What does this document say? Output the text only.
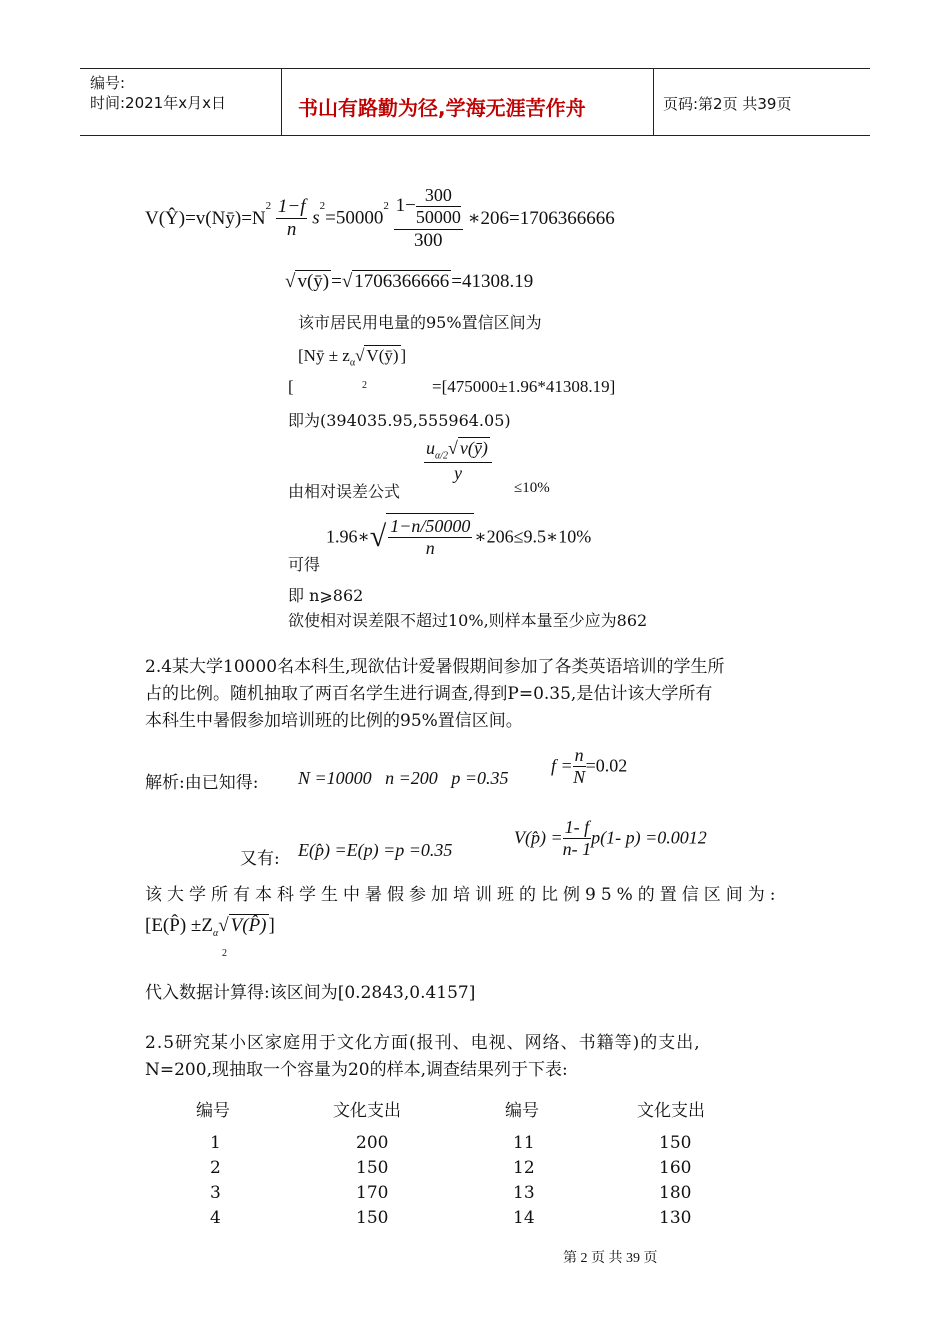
编号:
时间:2021年x月x日	书山有路勤为径,学海无涯苦作舟	页码:第2页 共39页
$V(Ŷ)=v(Nȳ)=N^2 \frac{1-f}{n} s^2=50000^2 \frac{1- \frac{300}{50000}}{300}$ ∗206=1706366666
√ v(ȳ) =√ 1706366666 =41308.19
该市居民用电量的95%置信区间为
[Nȳ ± $z_\alpha√$ V(ȳ) ]
2
[	=[475000±1.96*41308.19]
即为(394035.95,555964.05)
$\frac{u_{\alpha/2}√ v(ȳ)}{y}$
由相对误差公式	≤10%
可得
1.96∗√ $\frac{1-n/50000}{n}$ ∗206≤9.5∗10%
即 n⩾862
欲使相对误差限不超过10%,则样本量至少应为862
2.4某大学10000名本科生,现欲估计爱暑假期间参加了各类英语培训的学生所
占的比例。随机抽取了两百名学生进行调查,得到P=0.35,是估计该大学所有
本科生中暑假参加培训班的比例的95%置信区间。
解析:由已知得: N =10000 n =200 p =0.35
$f = \frac{n}{N} =0.02$
又有: E(p̂) =E(p) =p =0.35
V(p̂) = $\frac{1- f}{n- 1} p(1-$ p) =0.0012
该大学所有本科学生中暑假参加培训班的比例95%的置信区间为:
[E(P̂) $\pm Z_\alpha√$ V(P̂) ]
2
代入数据计算得:该区间为[0.2843,0.4157]
2.5研究某小区家庭用于文化方面(报刊、电视、网络、书籍等)的支出,
N=200,现抽取一个容量为20的样本,调查结果列于下表:
编号	文化支出	编号	文化支出

1	200	11	150
2	150	12	160
3	170	13	180
4	150	14	130
第 2 页 共 39 页
